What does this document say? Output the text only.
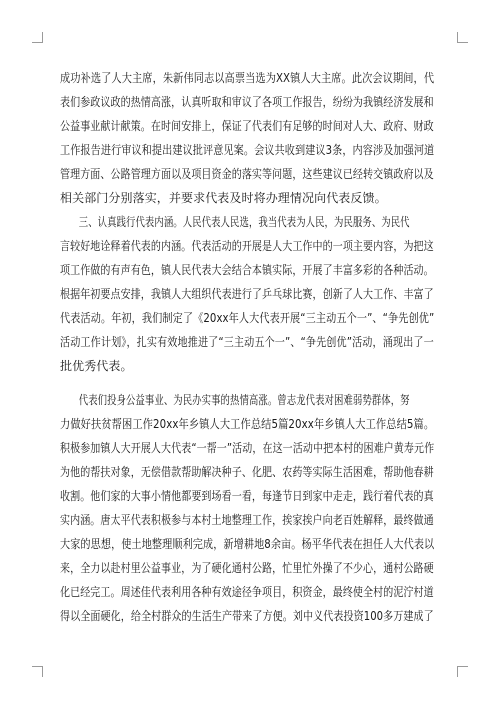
成功补选了人大主席，朱新伟同志以高票当选为XX镇人大主席。此次会议期间，代
表们参政议政的热情高涨，认真听取和审议了各项工作报告，纷纷为我镇经济发展和
公益事业献计献策。在时间安排上，保证了代表们有足够的时间对人大、政府、财政
工作报告进行审议和提出建议批评意见案。会议共收到建议3条，内容涉及加强河道
管理方面、公路管理方面以及项目资金的落实等问题，这些建议已经转交镇政府以及
相关部门分别落实，并要求代表及时将办理情况向代表反馈。

三、认真践行代表内涵。人民代表人民选，我当代表为人民，为民服务、为民代
言较好地诠释着代表的内涵。代表活动的开展是人大工作中的一项主要内容，为把这
项工作做的有声有色，镇人民代表大会结合本镇实际，开展了丰富多彩的各种活动。
根据年初要点安排，我镇人大组织代表进行了乒乓球比赛，创新了人大工作、丰富了
代表活动。年初，我们制定了《20xx年人大代表开展“三主动五个一”、“争先创优”
活动工作计划》，扎实有效地推进了“三主动五个一”、“争先创优”活动，涌现出了一
批优秀代表。

代表们投身公益事业、为民办实事的热情高涨。曾志龙代表对困难弱势群体，努
力做好扶贫帮困工作20xx年乡镇人大工作总结5篇20xx年乡镇人大工作总结5篇。
积极参加镇人大开展人大代表“一帮一”活动，在这一活动中把本村的困难户黄寿元作
为他的帮扶对象，无偿借款帮助解决种子、化肥、农药等实际生活困难，帮助他春耕
收割。他们家的大事小情他都要到场看一看，每逢节日到家中走走，践行着代表的真
实内涵。唐太平代表积极参与本村土地整理工作，挨家挨户向老百姓解释，最终做通
大家的思想，使土地整理顺利完成，新增耕地8余亩。杨平华代表在担任人大代表以
来，全力以赴村里公益事业，为了硬化通村公路，忙里忙外操了不少心，通村公路硬
化已经完工。周述佳代表利用各种有效途径争项目，积资金，最终使全村的泥泞村道
得以全面硬化，给全村群众的生活生产带来了方便。刘中义代表投资100多万建成了
